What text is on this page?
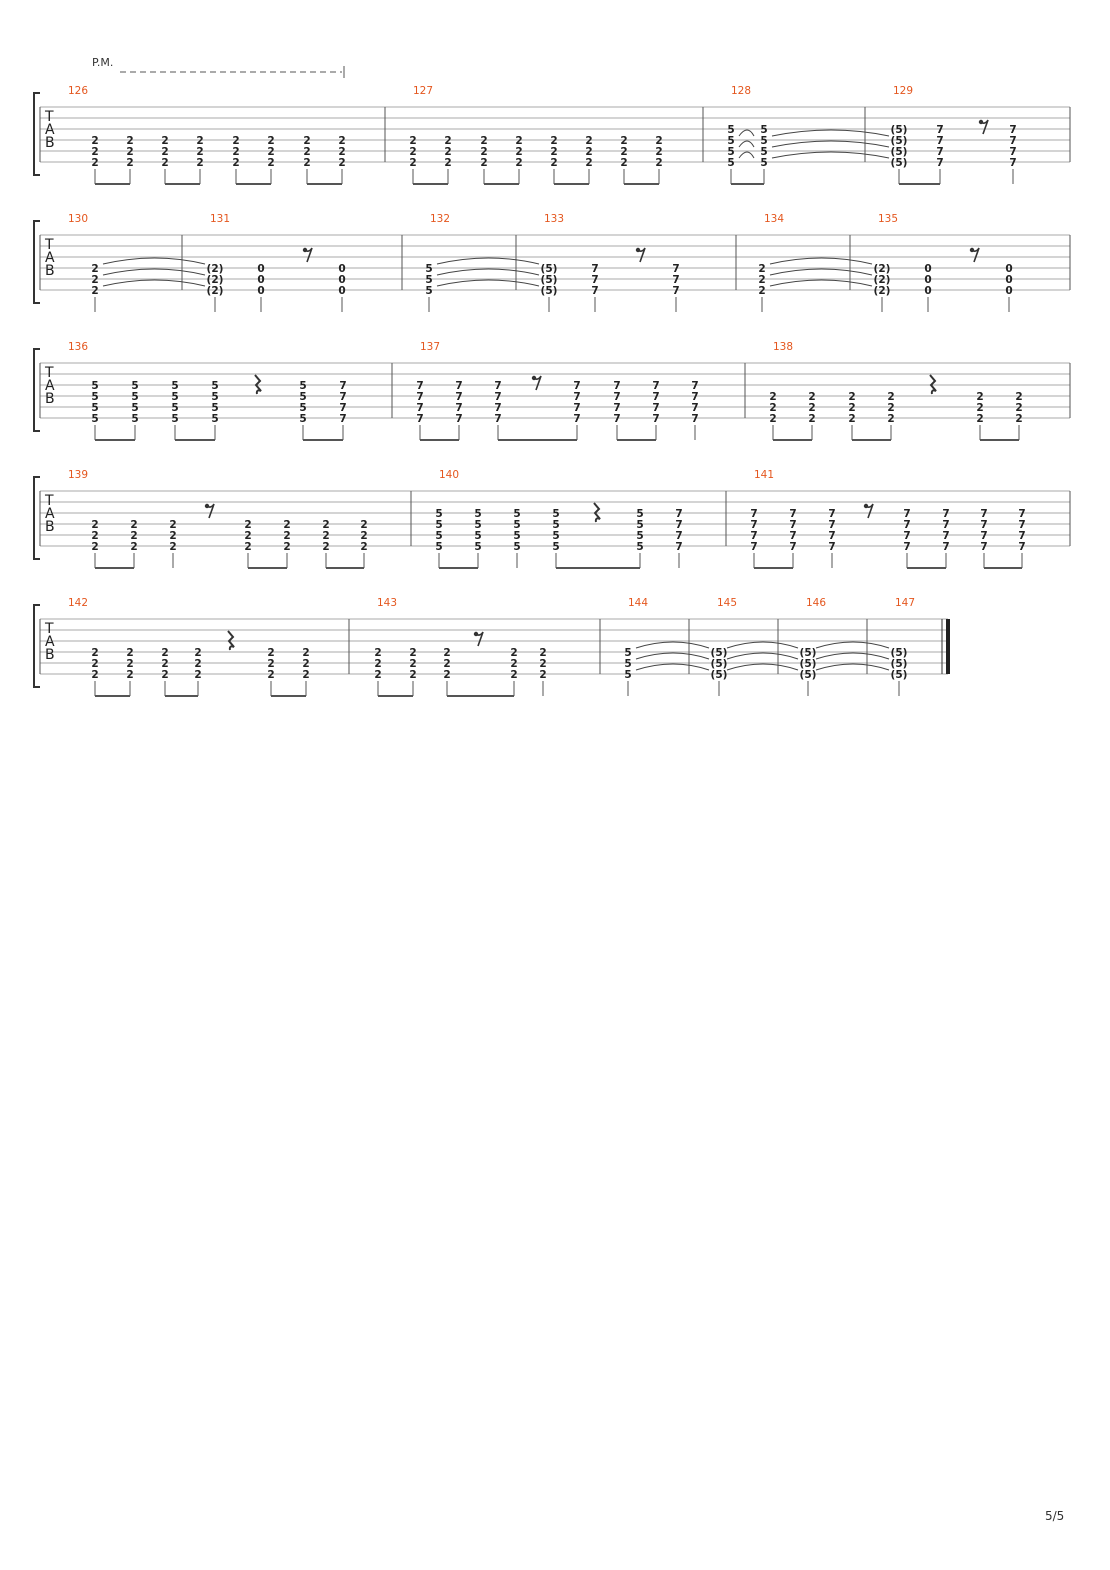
P.M.
T
A
B
126
2
2
2
2
2
2
2
2
2
2
2
2
2
2
2
2
2
2
2
2
2
2
2
2
127
2
2
2
2
2
2
2
2
2
2
2
2
2
2
2
2
2
2
2
2
2
2
2
2
128
5
5
5
5
5
5
5
5
129
(5)
(5)
(5)
(5)
7
7
7
7
7
7
7
7
T
A
B
130
2
2
2
131
(2)
(2)
(2)
0
0
0
0
0
0
132
5
5
5
133
(5)
(5)
(5)
7
7
7
7
7
7
134
2
2
2
135
(2)
(2)
(2)
0
0
0
0
0
0
T
A
B
136
5
5
5
5
5
5
5
5
5
5
5
5
5
5
5
5
5
5
5
5
7
7
7
7
137
7
7
7
7
7
7
7
7
7
7
7
7
7
7
7
7
7
7
7
7
7
7
7
7
7
7
7
7
138
2
2
2
2
2
2
2
2
2
2
2
2
2
2
2
2
2
2
T
A
B
139
2
2
2
2
2
2
2
2
2
2
2
2
2
2
2
2
2
2
2
2
2
140
5
5
5
5
5
5
5
5
5
5
5
5
5
5
5
5
5
5
5
5
7
7
7
7
141
7
7
7
7
7
7
7
7
7
7
7
7
7
7
7
7
7
7
7
7
7
7
7
7
7
7
7
7
T
A
B
142
2
2
2
2
2
2
2
2
2
2
2
2
2
2
2
2
2
2
143
2
2
2
2
2
2
2
2
2
2
2
2
2
2
2
144
5
5
5
145
(5)
(5)
(5)
146
(5)
(5)
(5)
147
(5)
(5)
(5)
5/5
